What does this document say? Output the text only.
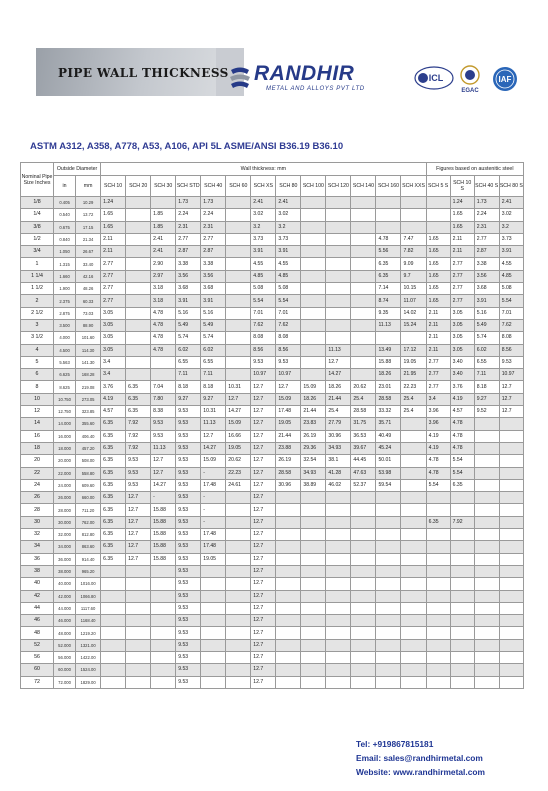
PIPE WALL THICKNESS RANDHIR
METAL AND ALLOYS PVT LTD
ICL
EGAC
IAF
ASTM A312, A358, A778, A53, A106, API 5L ASME/ANSI B36.19 B36.10
Nominal Pipe Size Inches	Outside Diameter		Wall thickness: mm													Figures based on austenitic steel			
	in	mm	SCH 10	SCH 20	SCH 30	SCH STD	SCH 40	SCH 60	SCH XS	SCH 80	SCH 100	SCH 120	SCH 140	SCH 160	SCH XXS	SCH 5 S	SCH 10 S	SCH 40 S	SCH 80 S
1/8	0.405	10.29	1.24			1.73	1.73		2.41	2.41							1.24	1.73	2.41
1/4	0.540	13.72	1.65		1.85	2.24	2.24		3.02	3.02							1.65	2.24	3.02
3/8	0.675	17.15	1.65		1.85	2.31	2.31		3.2	3.2							1.65	2.31	3.2
1/2	0.840	21.34	2.11		2.41	2.77	2.77		3.73	3.73				4.78	7.47	1.65	2.11	2.77	3.73
3/4	1.050	26.67	2.11		2.41	2.87	2.87		3.91	3.91				5.56	7.82	1.65	2.11	2.87	3.91
1	1.315	33.40	2.77		2.90	3.38	3.38		4.55	4.55				6.35	9.09	1.65	2.77	3.38	4.55
1 1/4	1.660	42.16	2.77		2.97	3.56	3.56		4.85	4.85				6.35	9.7	1.65	2.77	3.56	4.85
1 1/2	1.900	48.26	2.77		3.18	3.68	3.68		5.08	5.08				7.14	10.15	1.65	2.77	3.68	5.08
2	2.375	60.33	2.77		3.18	3.91	3.91		5.54	5.54				8.74	11.07	1.65	2.77	3.91	5.54
2 1/2	2.875	73.03	3.05		4.78	5.16	5.16		7.01	7.01				9.35	14.02	2.11	3.05	5.16	7.01
3	3.500	88.90	3.05		4.78	5.49	5.49		7.62	7.62				11.13	15.24	2.11	3.05	5.49	7.62
3 1/2	4.000	101.60	3.05		4.78	5.74	5.74		8.08	8.08						2.11	3.05	5.74	8.08
4	4.500	114.30	3.05		4.78	6.02	6.02		8.56	8.56		11.13		13.49	17.12	2.11	3.05	6.02	8.56
5	5.563	141.30	3.4			6.55	6.55		9.53	9.53		12.7		15.88	19.05	2.77	3.40	6.55	9.53
6	6.625	168.28	3.4			7.11	7.11		10.97	10.97		14.27		18.26	21.95	2.77	3.40	7.11	10.97
8	8.625	219.08	3.76	6.35	7.04	8.18	8.18	10.31	12.7	12.7	15.09	18.26	20.62	23.01	22.23	2.77	3.76	8.18	12.7
10	10.750	273.05	4.19	6.35	7.80	9.27	9.27	12.7	12.7	15.09	18.26	21.44	25.4	28.58	25.4	3.4	4.19	9.27	12.7
12	12.750	323.85	4.57	6.35	8.38	9.53	10.31	14.27	12.7	17.48	21.44	25.4	28.58	33.32	25.4	3.96	4.57	9.52	12.7
14	14.000	355.60	6.35	7.92	9.53	9.53	11.13	15.09	12.7	19.05	23.83	27.79	31.75	35.71		3.96	4.78		
16	16.000	406.40	6.35	7.92	9.53	9.53	12.7	16.66	12.7	21.44	26.19	30.96	36.53	40.49		4.19	4.78		
18	18.000	457.20	6.35	7.92	11.13	9.53	14.27	19.05	12.7	23.88	29.36	34.93	39.67	45.24		4.19	4.78		
20	20.000	508.00	6.35	9.53	12.7	9.53	15.09	20.62	12.7	26.19	32.54	38.1	44.45	50.01		4.78	5.54		
22	22.000	558.80	6.35	9.53	12.7	9.53	-	22.23	12.7	28.58	34.93	41.28	47.63	53.98		4.78	5.54		
24	24.000	609.60	6.35	9.53	14.27	9.53	17.48	24.61	12.7	30.96	38.89	46.02	52.37	59.54		5.54	6.35		
26	26.000	660.00	6.35	12.7	-	9.53	-		12.7										
28	28.000	711.20	6.35	12.7	15.88	9.53	-		12.7										
30	30.000	762.00	6.35	12.7	15.88	9.53	-		12.7							6.35	7.92		
32	32.000	812.80	6.35	12.7	15.88	9.53	17.48		12.7										
34	34.000	863.60	6.35	12.7	15.88	9.53	17.48		12.7										
36	36.000	914.40	6.35	12.7	15.88	9.53	19.05		12.7										
38	38.000	965.20				9.53			12.7										
40	40.000	1016.00				9.53			12.7										
42	42.000	1066.80				9.53			12.7										
44	44.000	1117.60				9.53			12.7										
46	46.000	1168.40				9.53			12.7										
48	48.000	1219.20				9.53			12.7										
52	52.000	1321.00				9.53			12.7										
56	56.000	1422.00				9.53			12.7										
60	60.000	1524.00				9.53			12.7										
72	72.000	1829.00				9.53			12.7										
Tel: +919867815181
Email: sales@randhirmetal.com
Website: www.randhirmetal.com
